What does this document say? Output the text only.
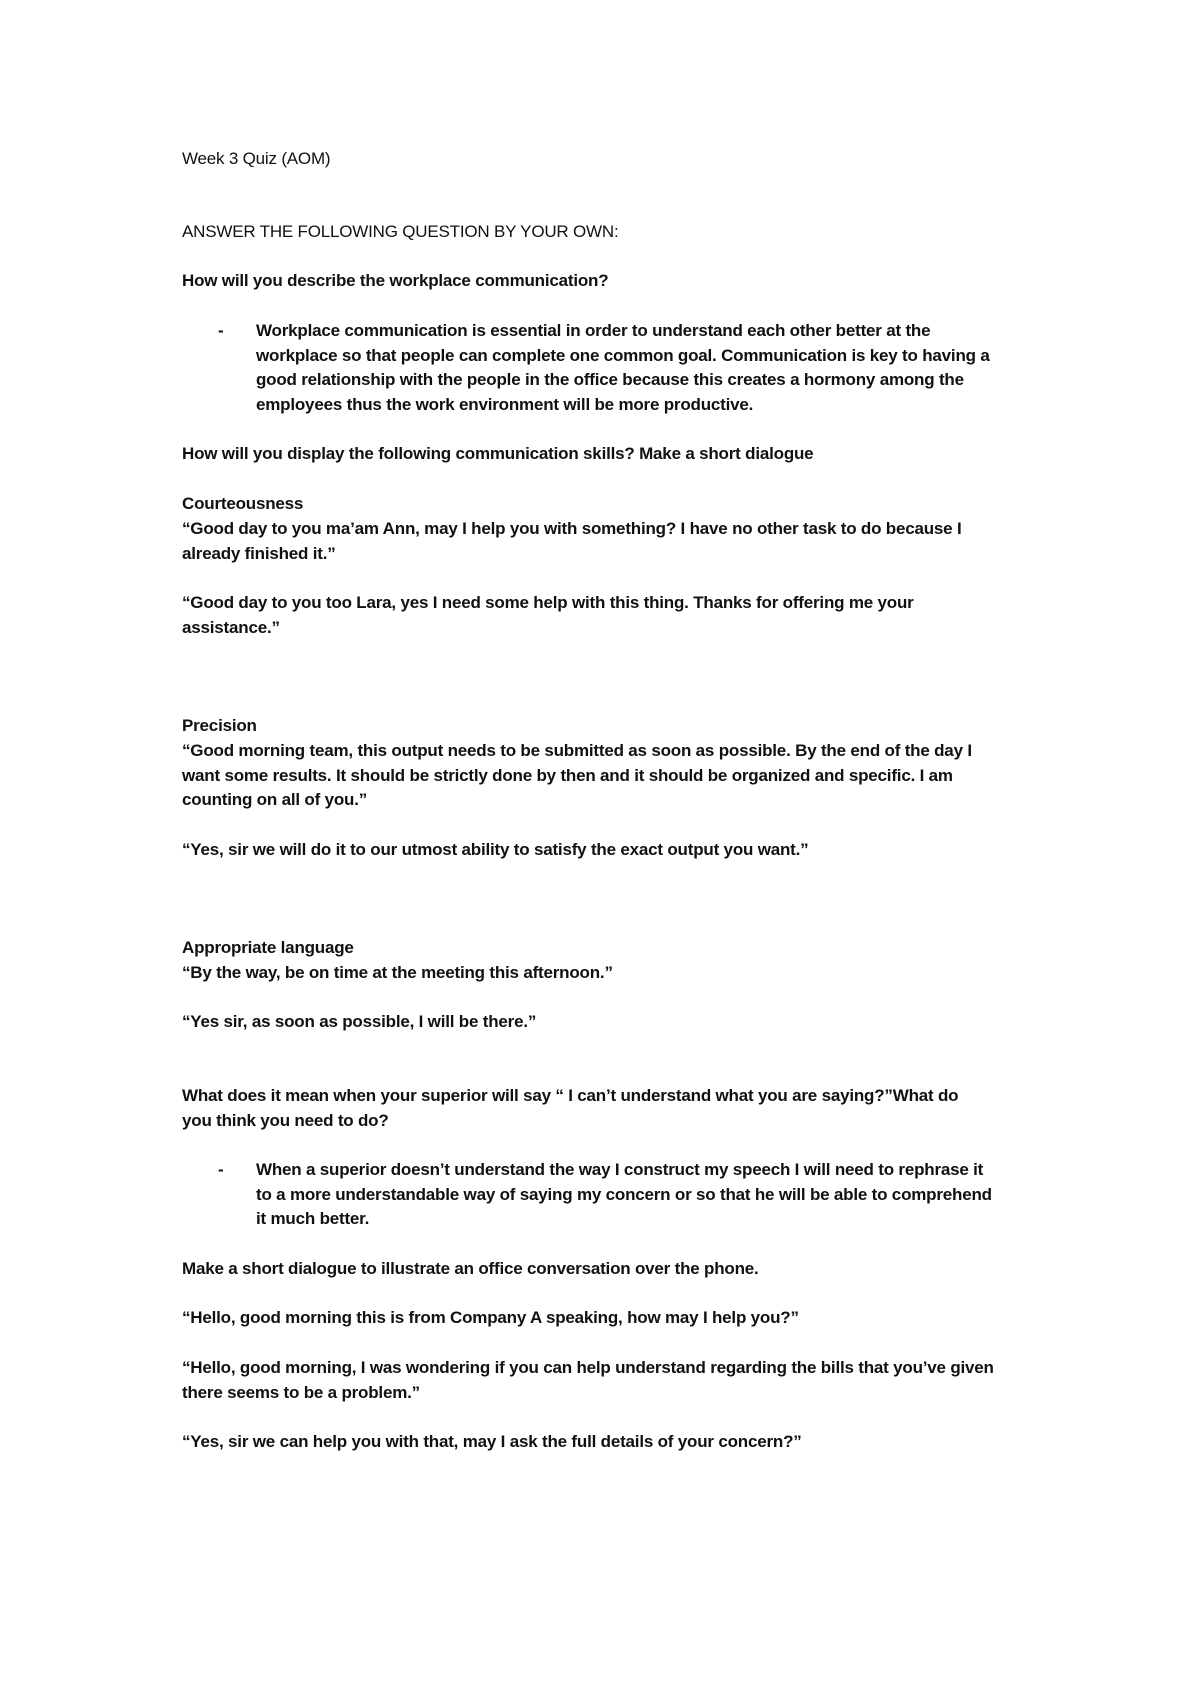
Week 3 Quiz (AOM)
ANSWER THE FOLLOWING QUESTION BY YOUR OWN:
How will you describe the workplace communication?
- Workplace communication is essential in order to understand each other better at the
workplace so that people can complete one common goal. Communication is key to having a
good relationship with the people in the office because this creates a hormony among the
employees thus the work environment will be more productive.
How will you display the following communication skills? Make a short dialogue
Courteousness
“Good day to you ma’am Ann, may I help you with something? I have no other task to do because I
already finished it.”
“Good day to you too Lara, yes I need some help with this thing. Thanks for offering me your
assistance.”
Precision
“Good morning team, this output needs to be submitted as soon as possible. By the end of the day I
want some results. It should be strictly done by then and it should be organized and specific. I am
counting on all of you.”
“Yes, sir we will do it to our utmost ability to satisfy the exact output you want.”
Appropriate language
“By the way, be on time at the meeting this afternoon.”
“Yes sir, as soon as possible, I will be there.”
What does it mean when your superior will say “ I can’t understand what you are saying?”What do
you think you need to do?
- When a superior doesn’t understand the way I construct my speech I will need to rephrase it
to a more understandable way of saying my concern or so that he will be able to comprehend
it much better.
Make a short dialogue to illustrate an office conversation over the phone.
“Hello, good morning this is from Company A speaking, how may I help you?”
“Hello, good morning, I was wondering if you can help understand regarding the bills that you’ve given
there seems to be a problem.”
“Yes, sir we can help you with that, may I ask the full details of your concern?”
